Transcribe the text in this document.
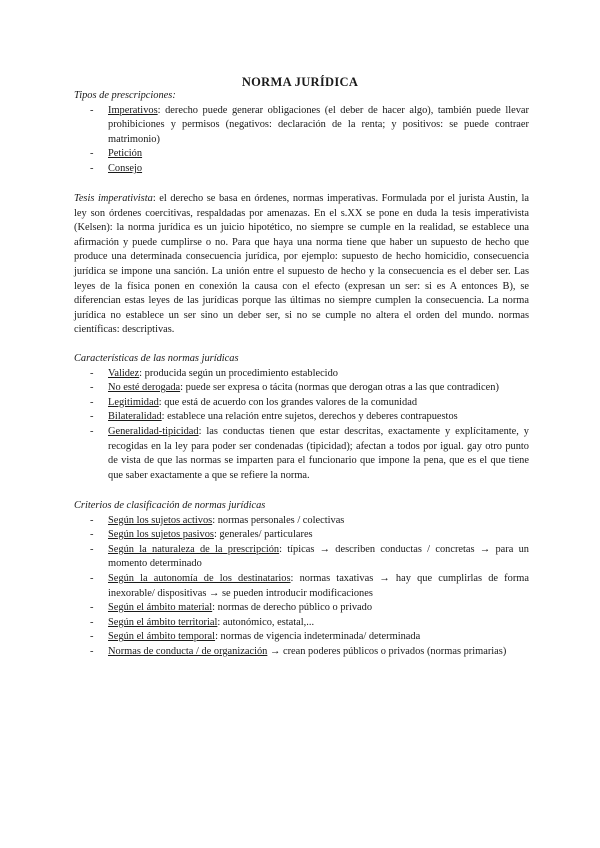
NORMA JURÍDICA
Tipos de prescripciones:
- Imperativos: derecho puede generar obligaciones (el deber de hacer algo), también puede llevar prohibiciones y permisos (negativos: declaración de la renta; y positivos: se puede contraer matrimonio)
- Petición
- Consejo
Tesis imperativista: el derecho se basa en órdenes, normas imperativas. Formulada por el jurista Austin, la ley son órdenes coercitivas, respaldadas por amenazas. En el s.XX se pone en duda la tesis imperativista (Kelsen): la norma jurídica es un juicio hipotético, no siempre se cumple en la realidad, se establece una afirmación y puede cumplirse o no. Para que haya una norma tiene que haber un supuesto de hecho que produce una determinada consecuencia jurídica, por ejemplo: supuesto de hecho homicidio, consecuencia jurídica se impone una sanción. La unión entre el supuesto de hecho y la consecuencia es el deber ser. Las leyes de la física ponen en conexión la causa con el efecto (expresan un ser: si es A entonces B), se diferencian estas leyes de las jurídicas porque las últimas no siempre cumplen la consecuencia. La norma jurídica no establece un ser sino un deber ser, si no se cumple no altera el orden del mundo. normas científicas: descriptivas.
Características de las normas jurídicas
- Validez: producida según un procedimiento establecido
- No esté derogada: puede ser expresa o tácita (normas que derogan otras a las que contradicen)
- Legitimidad: que está de acuerdo con los grandes valores de la comunidad
- Bilateralidad: establece una relación entre sujetos, derechos y deberes contrapuestos
- Generalidad-tipicidad: las conductas tienen que estar descritas, exactamente y explícitamente, y recogidas en la ley para poder ser condenadas (tipicidad); afectan a todos por igual. gay otro punto de vista de que las normas se imparten para el funcionario que impone la pena, que es el que tiene que saber exactamente a que se refiere la norma.
Criterios de clasificación de normas jurídicas
- Según los sujetos activos: normas personales / colectivas
- Según los sujetos pasivos: generales/ particulares
- Según la naturaleza de la prescripción: típicas → describen conductas / concretas → para un momento determinado
- Según la autonomía de los destinatarios: normas taxativas → hay que cumplirlas de forma inexorable/ dispositivas → se pueden introducir modificaciones
- Según el ámbito material: normas de derecho público o privado
- Según el ámbito territorial: autonómico, estatal,...
- Según el ámbito temporal: normas de vigencia indeterminada/ determinada
- Normas de conducta / de organización → crean poderes públicos o privados (normas primarias)
